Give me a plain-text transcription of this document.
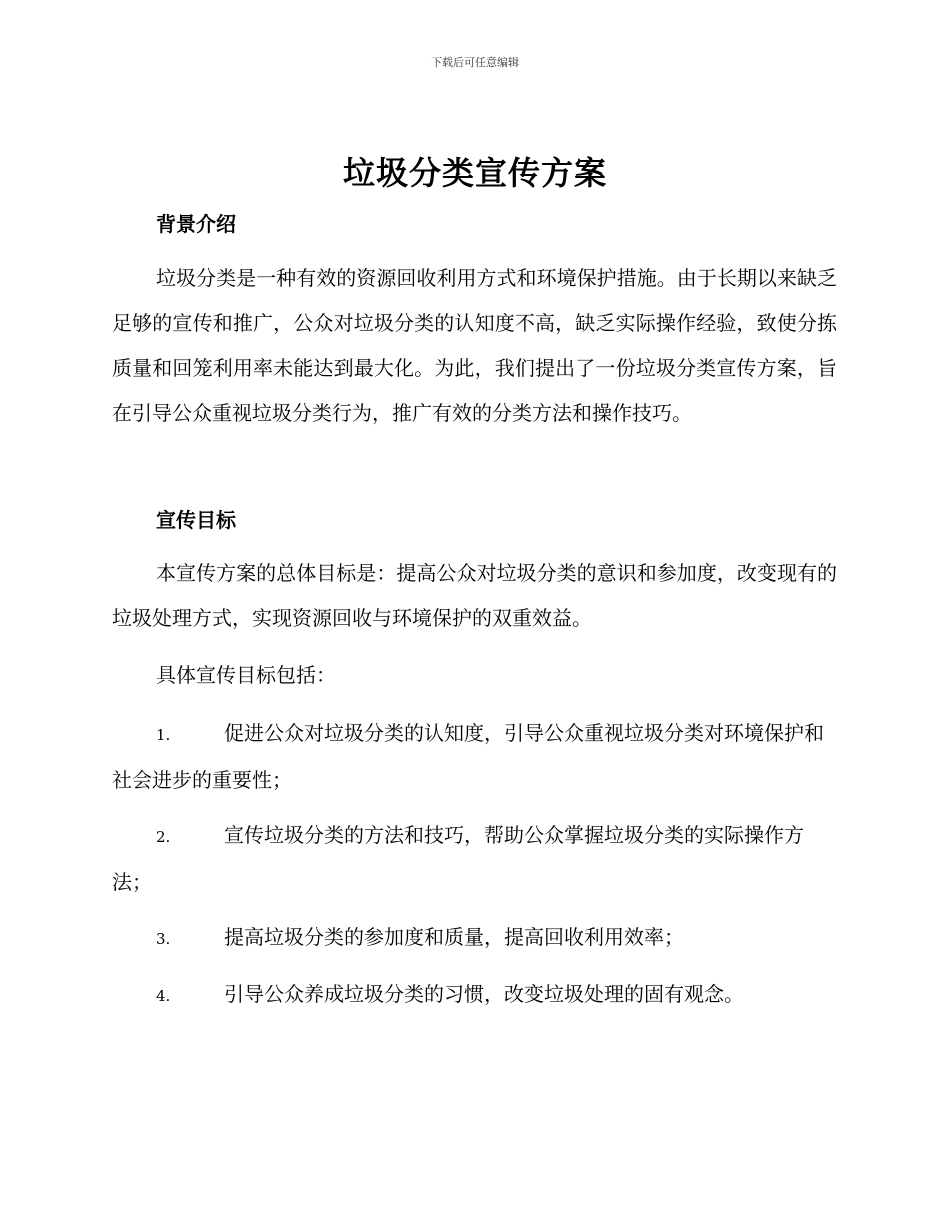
下载后可任意编辑
垃圾分类宣传方案
背景介绍
垃圾分类是一种有效的资源回收利用方式和环境保护措施。由于长期以来缺乏足够的宣传和推广，公众对垃圾分类的认知度不高，缺乏实际操作经验，致使分拣质量和回笼利用率未能达到最大化。为此，我们提出了一份垃圾分类宣传方案，旨在引导公众重视垃圾分类行为，推广有效的分类方法和操作技巧。
宣传目标
本宣传方案的总体目标是：提高公众对垃圾分类的意识和参加度，改变现有的垃圾处理方式，实现资源回收与环境保护的双重效益。
具体宣传目标包括：
1.	促进公众对垃圾分类的认知度，引导公众重视垃圾分类对环境保护和社会进步的重要性；
2.	宣传垃圾分类的方法和技巧，帮助公众掌握垃圾分类的实际操作方法；
3.	提高垃圾分类的参加度和质量，提高回收利用效率；
4.	引导公众养成垃圾分类的习惯，改变垃圾处理的固有观念。
